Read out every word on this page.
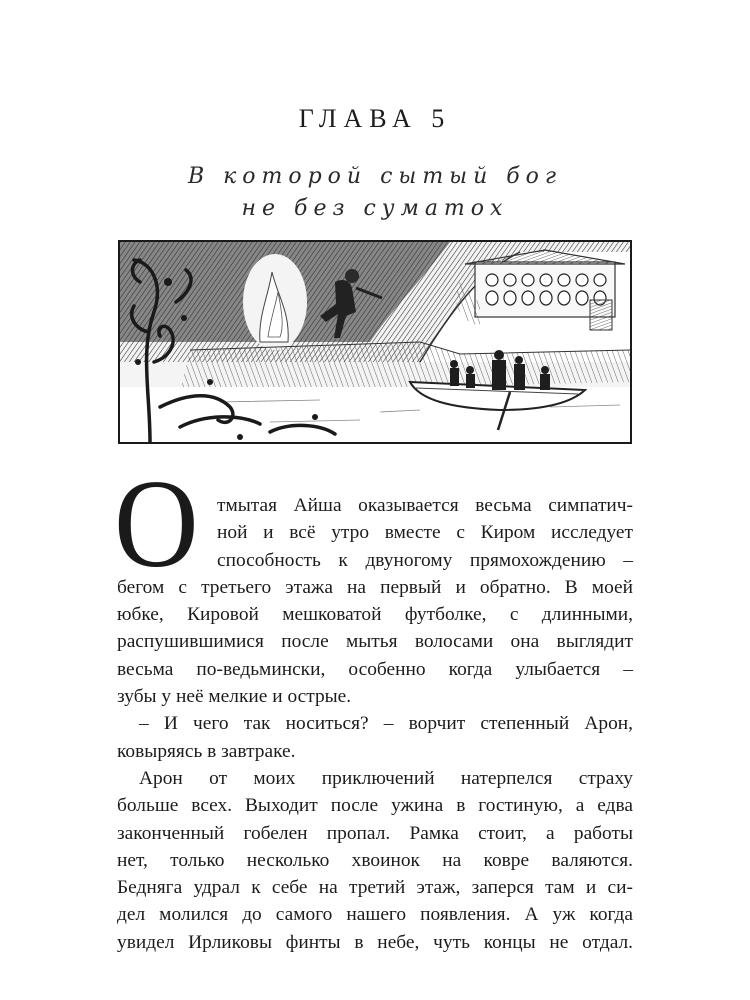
ГЛАВА 5
В которой сытый бог
не без суматох
О тмытая Айша оказывается весьма симпатич-
ной и всё утро вместе с Киром исследует
способность к двуногому прямохождению –
бегом с третьего этажа на первый и обратно. В моей
юбке, Кировой мешковатой футболке, с длинными,
распушившимися после мытья волосами она выглядит
весьма по-ведьмински, особенно когда улыбается –
зубы у неё мелкие и острые.
– И чего так носиться? – ворчит степенный Арон,
ковыряясь в завтраке.
Арон от моих приключений натерпелся страху
больше всех. Выходит после ужина в гостиную, а едва
законченный гобелен пропал. Рамка стоит, а работы
нет, только несколько хвоинок на ковре валяются.
Бедняга удрал к себе на третий этаж, заперся там и си-
дел молился до самого нашего появления. А уж когда
увидел Ирликовы финты в небе, чуть концы не отдал.
